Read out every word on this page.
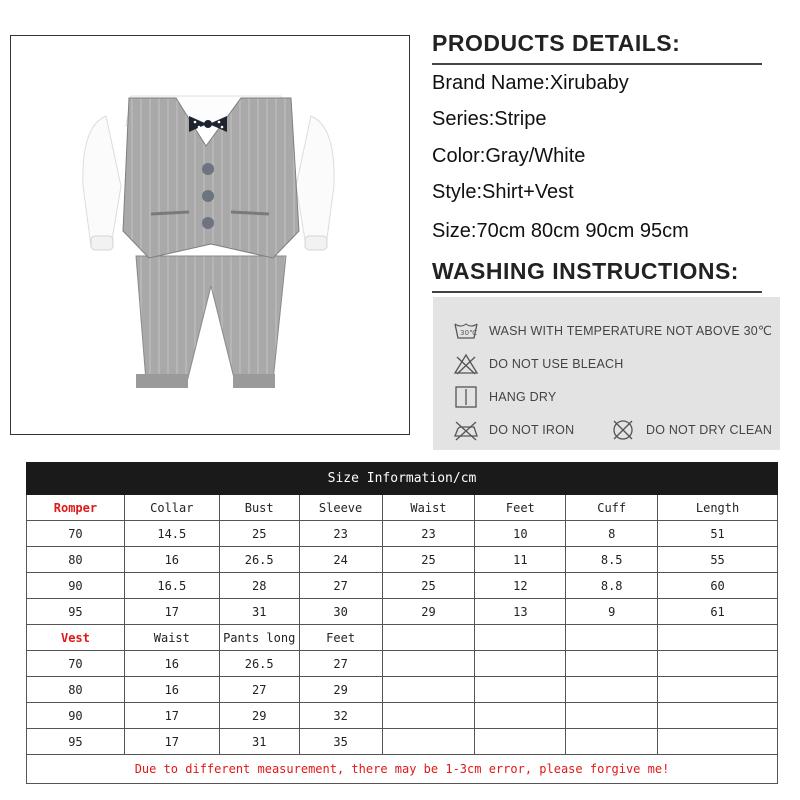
PRODUCTS DETAILS:
Brand Name:Xirubaby
Series:Stripe
Color:Gray/White
Style:Shirt+Vest
Size:70cm 80cm 90cm 95cm
WASHING INSTRUCTIONS:
30℃ WASH WITH TEMPERATURE NOT ABOVE 30℃
DO NOT USE BLEACH
HANG DRY
DO NOT IRON	DO NOT DRY CLEAN
Size Information/cm							
Romper	Collar	Bust	Sleeve	Waist	Feet	Cuff	Length
70	14.5	25	23	23	10	8	51
80	16	26.5	24	25	11	8.5	55
90	16.5	28	27	25	12	8.8	60
95	17	31	30	29	13	9	61
Vest	Waist	Pants long	Feet				
70	16	26.5	27				
80	16	27	29				
90	17	29	32				
95	17	31	35				
Due to different measurement, there may be 1-3cm error, please forgive me!							
